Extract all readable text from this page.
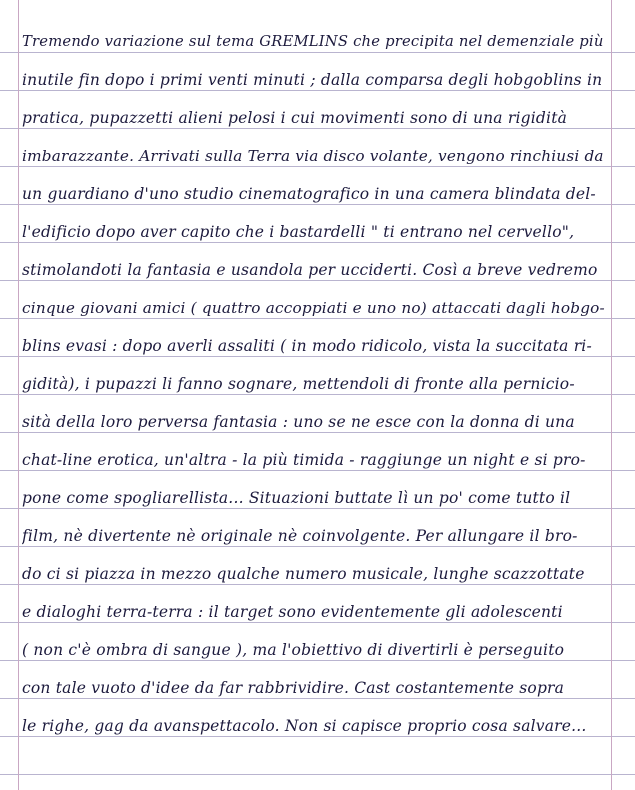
Tremendo variazione sul tema GREMLINS che precipita nel demenziale più
inutile fin dopo i primi venti minuti ; dalla comparsa degli hobgoblins in
pratica, pupazzetti alieni pelosi i cui movimenti sono di una rigidità
imbarazzante. Arrivati sulla Terra via disco volante, vengono rinchiusi da
un guardiano d'uno studio cinematografico in una camera blindata del-
l'edificio dopo aver capito che i bastardelli " ti entrano nel cervello",
stimolandoti la fantasia e usandola per ucciderti. Così a breve vedremo
cinque giovani amici ( quattro accoppiati e uno no) attaccati dagli hobgo-
blins evasi : dopo averli assaliti ( in modo ridicolo, vista la succitata ri-
gidità), i pupazzi li fanno sognare, mettendoli di fronte alla pernicio-
sità della loro perversa fantasia : uno se ne esce con la donna di una
chat-line erotica, un'altra - la più timida - raggiunge un night e si pro-
pone come spogliarellista... Situazioni buttate lì un po' come tutto il
film, nè divertente nè originale nè coinvolgente. Per allungare il bro-
do ci si piazza in mezzo qualche numero musicale, lunghe scazzottate
e dialoghi terra-terra : il target sono evidentemente gli adolescenti
( non c'è ombra di sangue ), ma l'obiettivo di divertirli è perseguito
con tale vuoto d'idee da far rabbrividire. Cast costantemente sopra
le righe, gag da avanspettacolo. Non si capisce proprio cosa salvare...
